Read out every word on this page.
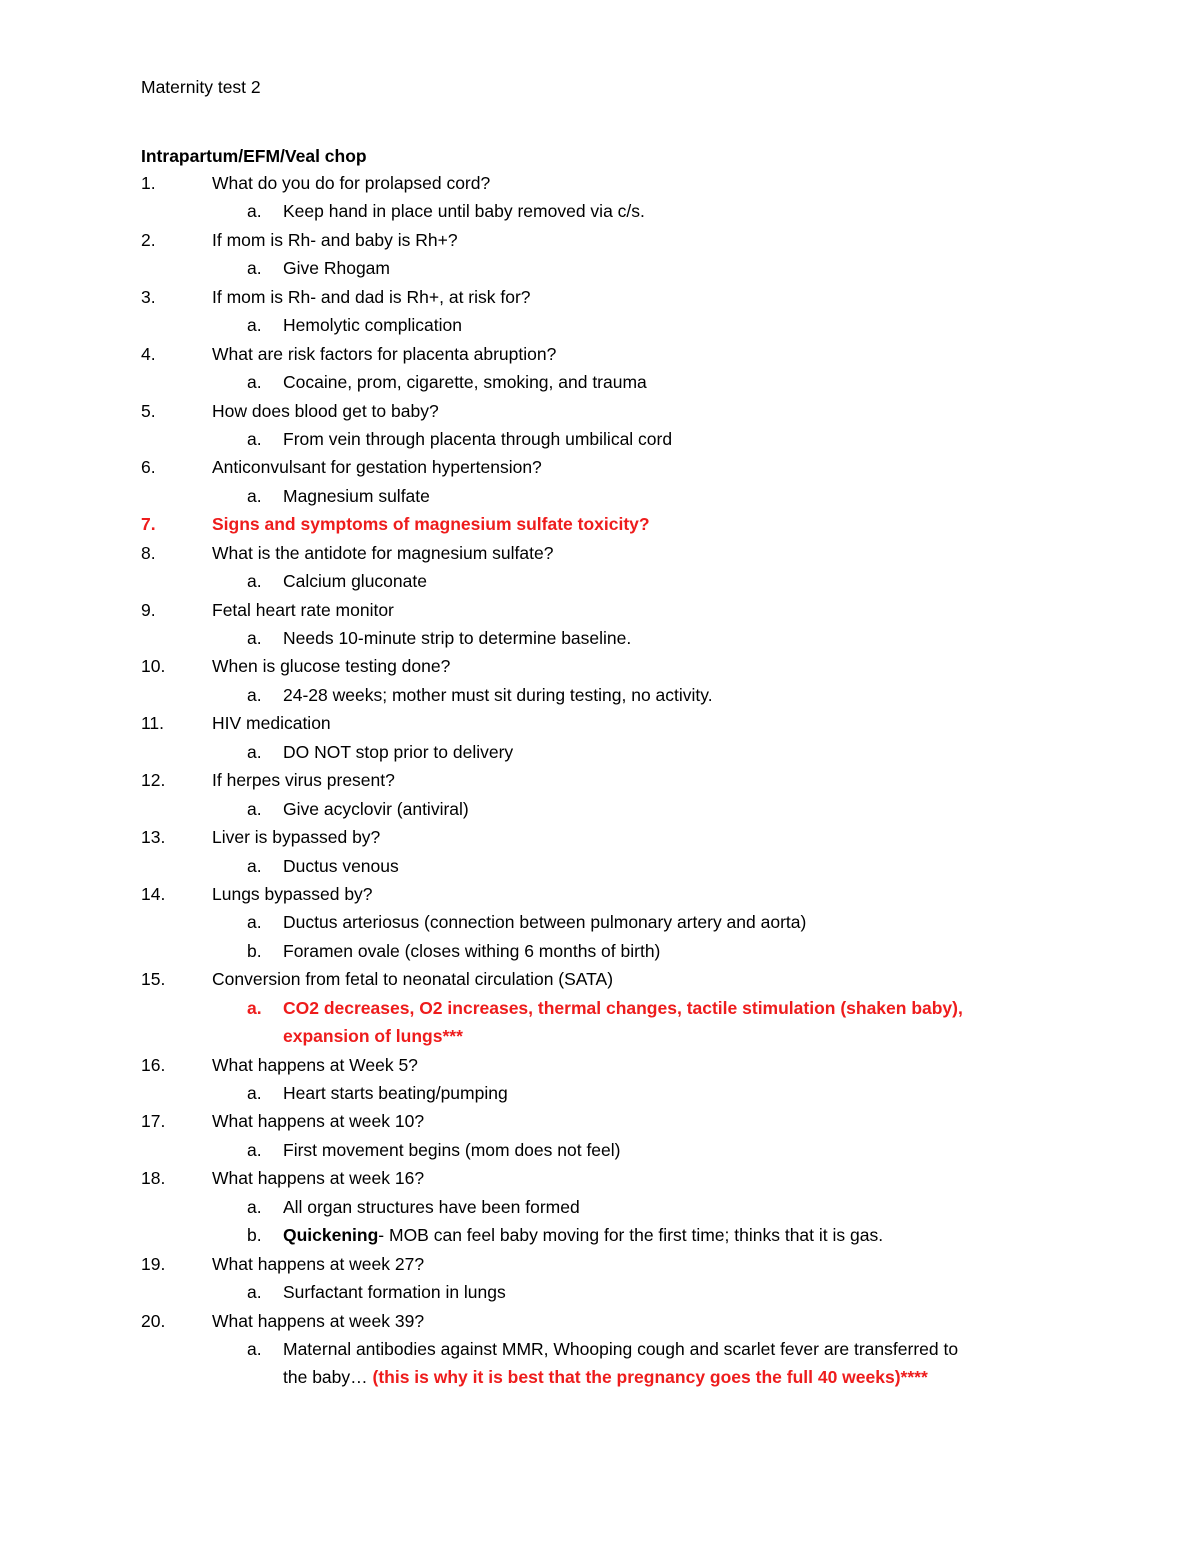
Maternity test 2
Intrapartum/EFM/Veal chop
1.	What do you do for prolapsed cord?
a. Keep hand in place until baby removed via c/s.
2.	If mom is Rh- and baby is Rh+?
a. Give Rhogam
3.	If mom is Rh- and dad is Rh+, at risk for?
a. Hemolytic complication
4.	What are risk factors for placenta abruption?
a. Cocaine, prom, cigarette, smoking, and trauma
5.	How does blood get to baby?
a. From vein through placenta through umbilical cord
6.	Anticonvulsant for gestation hypertension?
a. Magnesium sulfate
7.	Signs and symptoms of magnesium sulfate toxicity?
8.	What is the antidote for magnesium sulfate?
a. Calcium gluconate
9.	Fetal heart rate monitor
a. Needs 10-minute strip to determine baseline.
10.	When is glucose testing done?
a. 24-28 weeks; mother must sit during testing, no activity.
11.	HIV medication
a. DO NOT stop prior to delivery
12.	If herpes virus present?
a. Give acyclovir (antiviral)
13.	Liver is bypassed by?
a. Ductus venous
14.	Lungs bypassed by?
a. Ductus arteriosus (connection between pulmonary artery and aorta)
b. Foramen ovale (closes withing 6 months of birth)
15.	Conversion from fetal to neonatal circulation (SATA)
a. CO2 decreases, O2 increases, thermal changes, tactile stimulation (shaken baby),
expansion of lungs***
16.	What happens at Week 5?
a. Heart starts beating/pumping
17.	What happens at week 10?
a. First movement begins (mom does not feel)
18.	What happens at week 16?
a. All organ structures have been formed
b. Quickening- MOB can feel baby moving for the first time; thinks that it is gas.
19.	What happens at week 27?
a. Surfactant formation in lungs
20.	What happens at week 39?
a. Maternal antibodies against MMR, Whooping cough and scarlet fever are transferred to
the baby… (this is why it is best that the pregnancy goes the full 40 weeks)****
